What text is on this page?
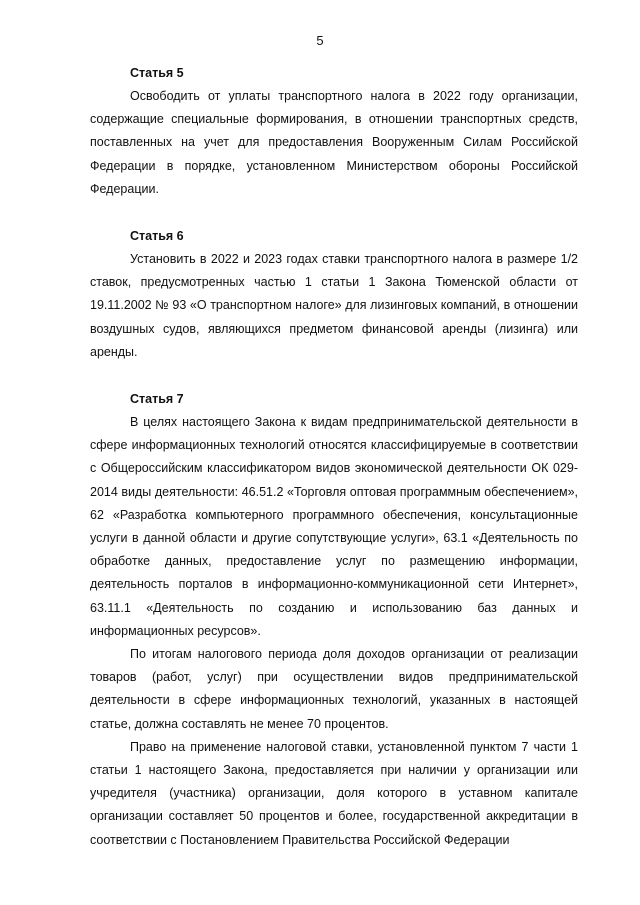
5

Статья 5

Освободить от уплаты транспортного налога в 2022 году организации, содержащие специальные формирования, в отношении транспортных средств, поставленных на учет для предоставления Вооруженным Силам Российской Федерации в порядке, установленном Министерством обороны Российской Федерации.

Статья 6

Установить в 2022 и 2023 годах ставки транспортного налога в размере 1/2 ставок, предусмотренных частью 1 статьи 1 Закона Тюменской области от 19.11.2002 № 93 «О транспортном налоге» для лизинговых компаний, в отношении воздушных судов, являющихся предметом финансовой аренды (лизинга) или аренды.

Статья 7

В целях настоящего Закона к видам предпринимательской деятельности в сфере информационных технологий относятся классифицируемые в соответствии с Общероссийским классификатором видов экономической деятельности ОК 029-2014 виды деятельности: 46.51.2 «Торговля оптовая программным обеспечением», 62 «Разработка компьютерного программного обеспечения, консультационные услуги в данной области и другие сопутствующие услуги», 63.1 «Деятельность по обработке данных, предоставление услуг по размещению информации, деятельность порталов в информационно-коммуникационной сети Интернет», 63.11.1 «Деятельность по созданию и использованию баз данных и информационных ресурсов».

По итогам налогового периода доля доходов организации от реализации товаров (работ, услуг) при осуществлении видов предпринимательской деятельности в сфере информационных технологий, указанных в настоящей статье, должна составлять не менее 70 процентов.

Право на применение налоговой ставки, установленной пунктом 7 части 1 статьи 1 настоящего Закона, предоставляется при наличии у организации или учредителя (участника) организации, доля которого в уставном капитале организации составляет 50 процентов и более, государственной аккредитации в соответствии с Постановлением Правительства Российской Федерации
